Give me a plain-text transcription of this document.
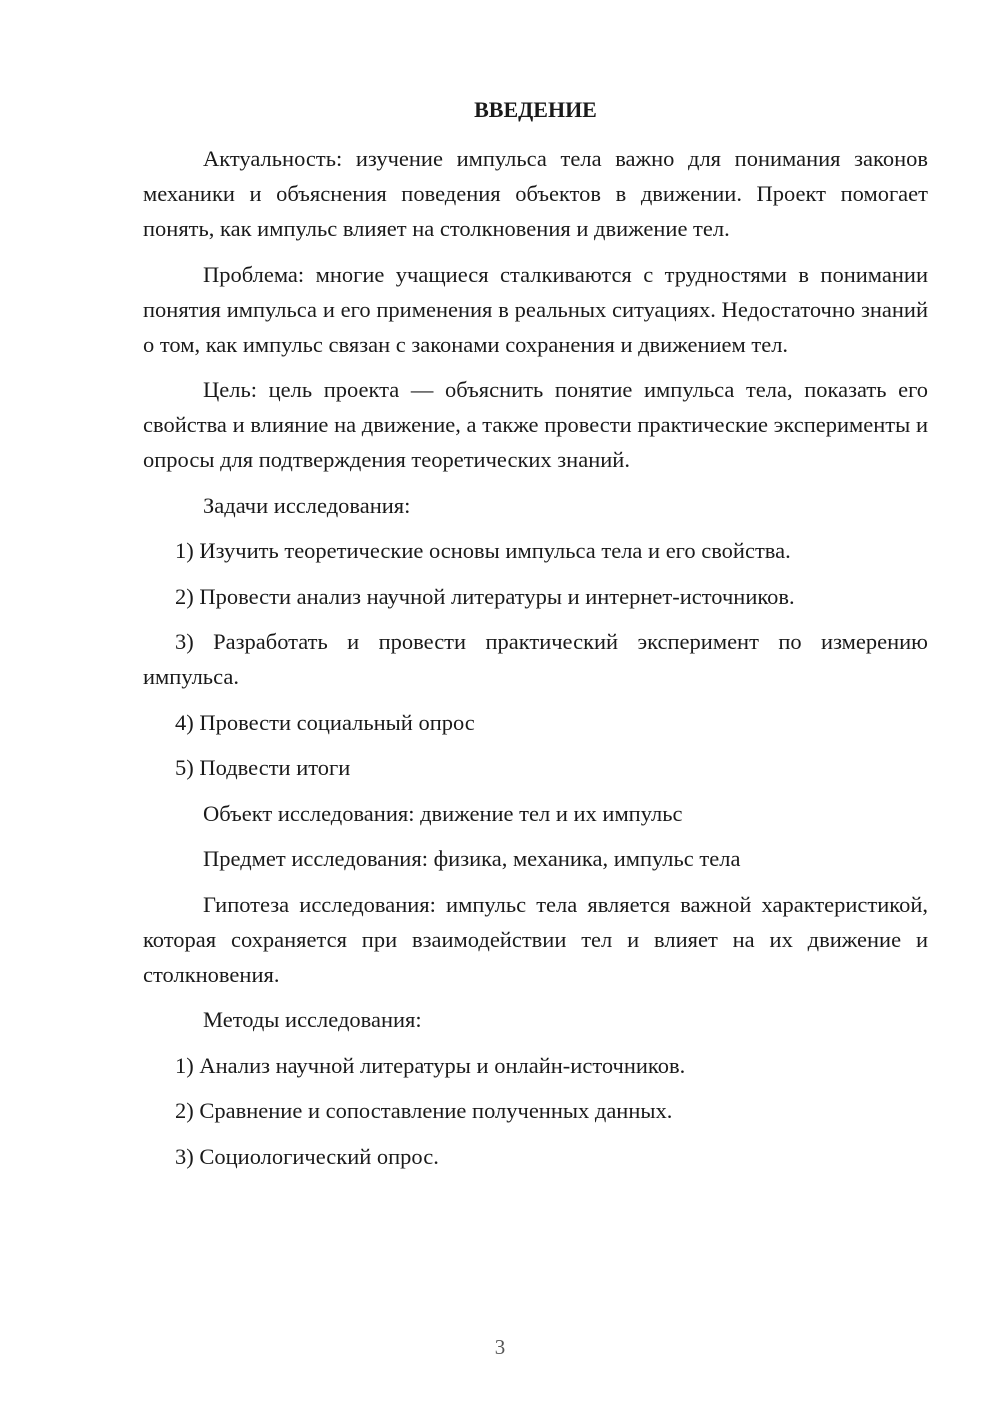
ВВЕДЕНИЕ

Актуальность: изучение импульса тела важно для понимания законов механики и объяснения поведения объектов в движении. Проект помогает понять, как импульс влияет на столкновения и движение тел.

Проблема: многие учащиеся сталкиваются с трудностями в понимании понятия импульса и его применения в реальных ситуациях. Недостаточно знаний о том, как импульс связан с законами сохранения и движением тел.

Цель: цель проекта — объяснить понятие импульса тела, показать его свойства и влияние на движение, а также провести практические эксперименты и опросы для подтверждения теоретических знаний.

Задачи исследования:

1) Изучить теоретические основы импульса тела и его свойства.

2) Провести анализ научной литературы и интернет-источников.

3) Разработать и провести практический эксперимент по измерению импульса.

4) Провести социальный опрос

5) Подвести итоги

Объект исследования: движение тел и их импульс

Предмет исследования: физика, механика, импульс тела

Гипотеза исследования: импульс тела является важной характеристикой, которая сохраняется при взаимодействии тел и влияет на их движение и столкновения.

Методы исследования:

1) Анализ научной литературы и онлайн-источников.

2) Сравнение и сопоставление полученных данных.

3) Социологический опрос.

3
